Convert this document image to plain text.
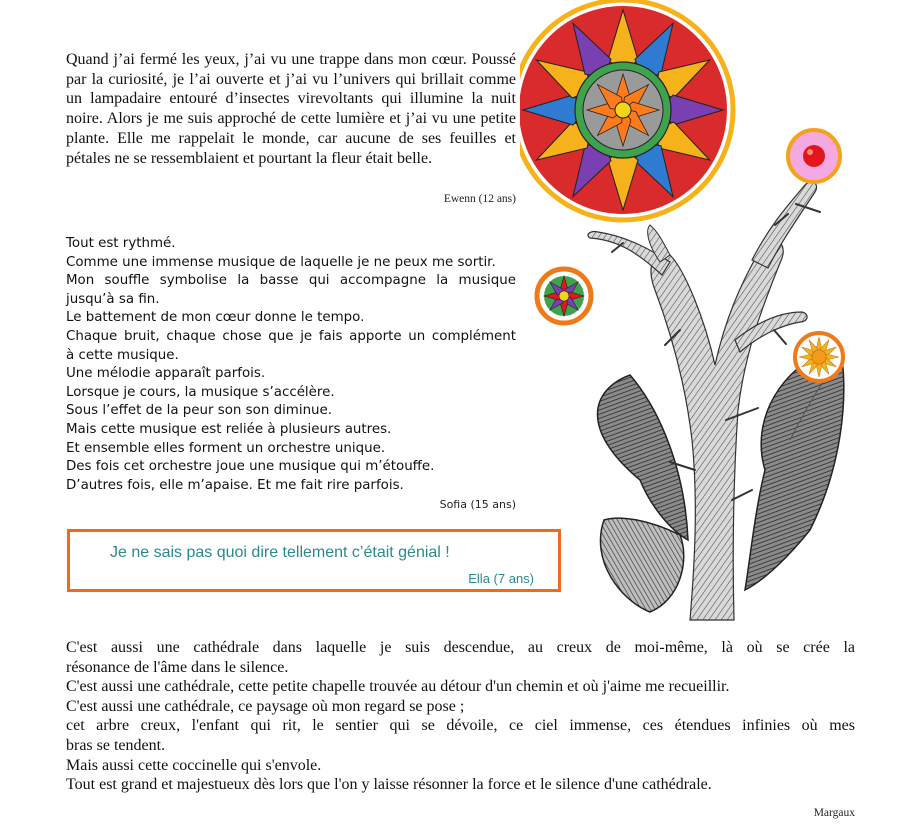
Quand j’ai fermé les yeux, j’ai vu une trappe dans mon cœur. Poussé par la curiosité, je l’ai ouverte et j’ai vu l’univers qui brillait comme un lampadaire entouré d’insectes virevoltants qui illumine la nuit noire. Alors je me suis approché de cette lumière et j’ai vu une petite plante. Elle me rappelait le monde, car aucune de ses feuilles et pétales ne se ressemblaient et pourtant la fleur était belle.

Ewenn (12 ans)
Tout est rythmé.
Comme une immense musique de laquelle je ne peux me sortir.
Mon souffle symbolise la basse qui accompagne la musique
jusqu’à sa fin.
Le battement de mon cœur donne le tempo.
Chaque bruit, chaque chose que je fais apporte un complément
à cette musique.
Une mélodie apparaît parfois.
Lorsque je cours, la musique s’accélère.
Sous l’effet de la peur son son diminue.
Mais cette musique est reliée à plusieurs autres.
Et ensemble elles forment un orchestre unique.
Des fois cet orchestre joue une musique qui m’étouffe.
D’autres fois, elle m’apaise. Et me fait rire parfois.
Sofia (15 ans)
Je ne sais pas quoi dire tellement c’était génial !
Ella (7 ans)
C'est aussi une cathédrale dans laquelle je suis descendue, au creux de moi-même, là où se crée la
résonance de l'âme dans le silence.
C'est aussi une cathédrale, cette petite chapelle trouvée au détour d'un chemin et où j'aime me recueillir.
C'est aussi une cathédrale, ce paysage où mon regard se pose ;
cet arbre creux, l'enfant qui rit, le sentier qui se dévoile, ce ciel immense, ces étendues infinies où mes
bras se tendent.
Mais aussi cette coccinelle qui s'envole.
Tout est grand et majestueux dès lors que l'on y laisse résonner la force et le silence d'une cathédrale.
Margaux
